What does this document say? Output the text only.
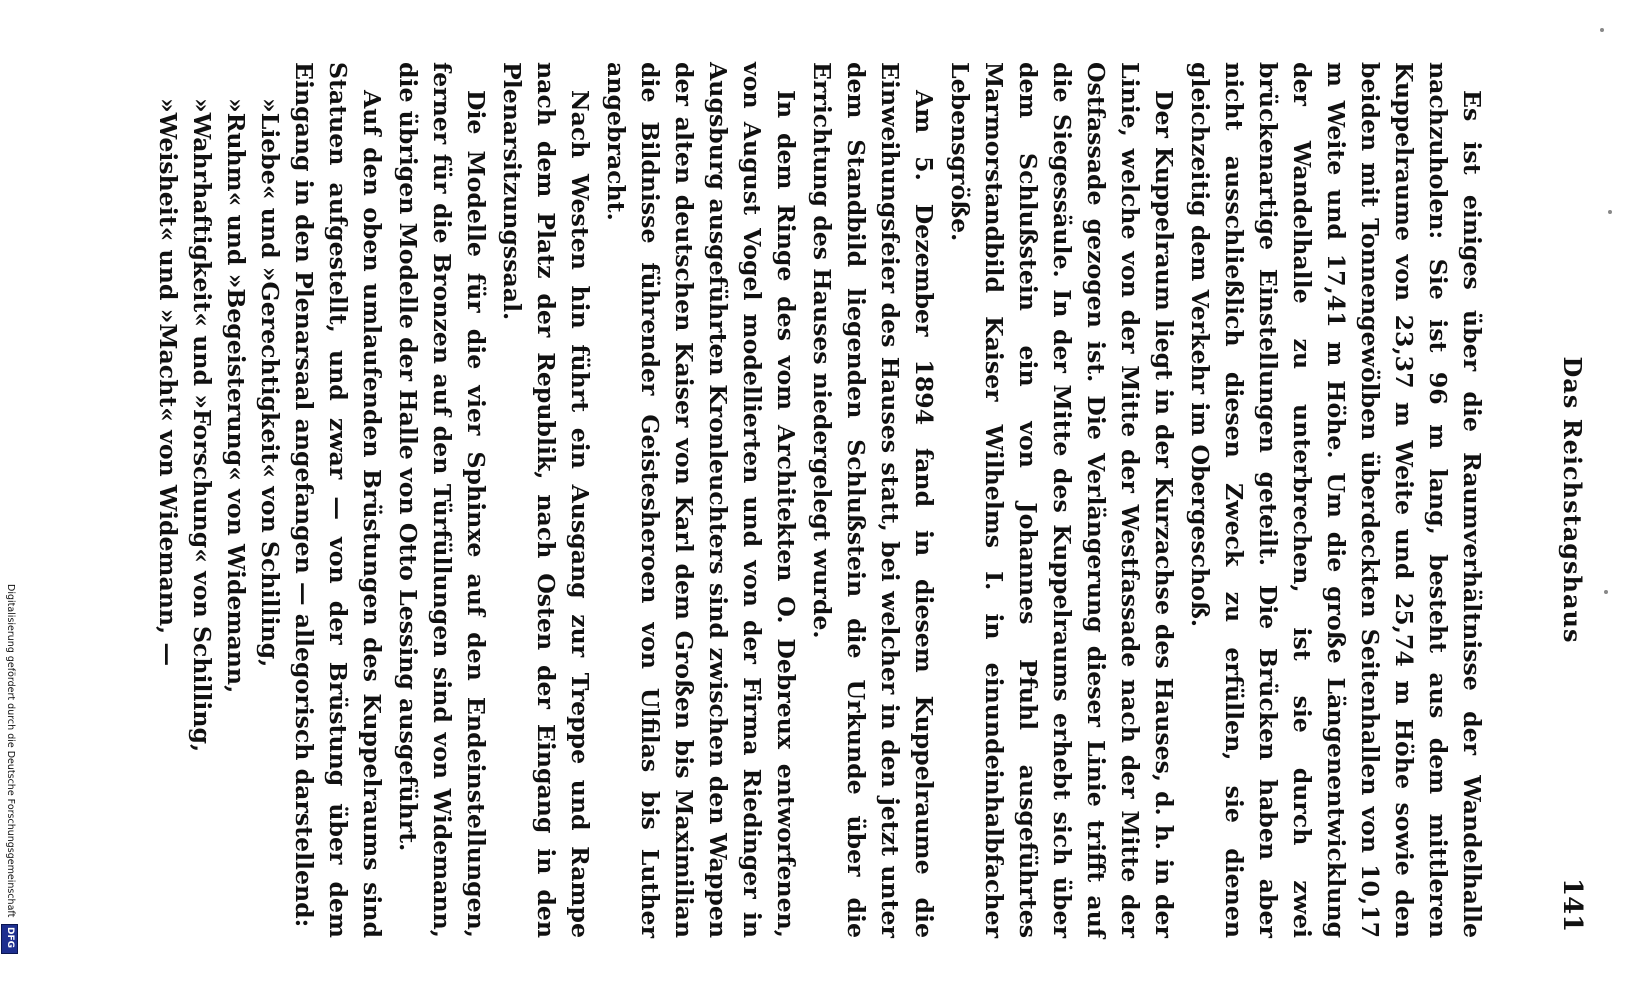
Das Reichstagshaus
141

Es ist einiges über die Raumverhältnisse der Wandelhalle nachzuholen: Sie ist 96 m lang, besteht aus dem mittleren Kuppelraume von 23,37 m Weite und 25,74 m Höhe sowie den beiden mit Tonnengewölben überdeckten Seitenhallen von 10,17 m Weite und 17,41 m Höhe. Um die große Längenentwicklung der Wandelhalle zu unterbrechen, ist sie durch zwei brückenartige Einstellungen geteilt. Die Brücken haben aber nicht ausschließlich diesen Zweck zu erfüllen, sie dienen gleichzeitig dem Verkehr im Obergeschoß.

Der Kuppelraum liegt in der Kurzachse des Hauses, d. h. in der Linie, welche von der Mitte der Westfassade nach der Mitte der Ostfassade gezogen ist. Die Verlängerung dieser Linie trifft auf die Siegessäule. In der Mitte des Kuppelraums erhebt sich über dem Schlußstein ein von Johannes Pfuhl ausgeführtes Marmorstandbild Kaiser Wilhelms I. in einundeinhalbfacher Lebensgröße.

Am 5. Dezember 1894 fand in diesem Kuppelraume die Einweihungsfeier des Hauses statt, bei welcher in den jetzt unter dem Standbild liegenden Schlußstein die Urkunde über die Errichtung des Hauses niedergelegt wurde.

In dem Ringe des vom Architekten O. Debreux entworfenen, von August Vogel modellierten und von der Firma Riedinger in Augsburg ausgeführten Kronleuchters sind zwischen den Wappen der alten deutschen Kaiser von Karl dem Großen bis Maximilian die Bildnisse führender Geistesheroen von Ulfilas bis Luther angebracht.

Nach Westen hin führt ein Ausgang zur Treppe und Rampe nach dem Platz der Republik, nach Osten der Eingang in den Plenarsitzungssaal.

Die Modelle für die vier Sphinxe auf den Endeinstellungen, ferner für die Bronzen auf den Türfüllungen sind von Widemann, die übrigen Modelle der Halle von Otto Lessing ausgeführt.

Auf den oben umlaufenden Brüstungen des Kuppelraums sind Statuen aufgestellt, und zwar — von der Brüstung über dem Eingang in den Plenarsaal angefangen — allegorisch darstellend:

»Liebe« und »Gerechtigkeit« von Schilling,
»Ruhm« und »Begeisterung« von Widemann,
»Wahrhaftigkeit« und »Forschung« von Schilling,
»Weisheit« und »Macht« von Widemann, —
Digitalisierung gefördert durch die Deutsche Forschungsgemeinschaft
DFG
